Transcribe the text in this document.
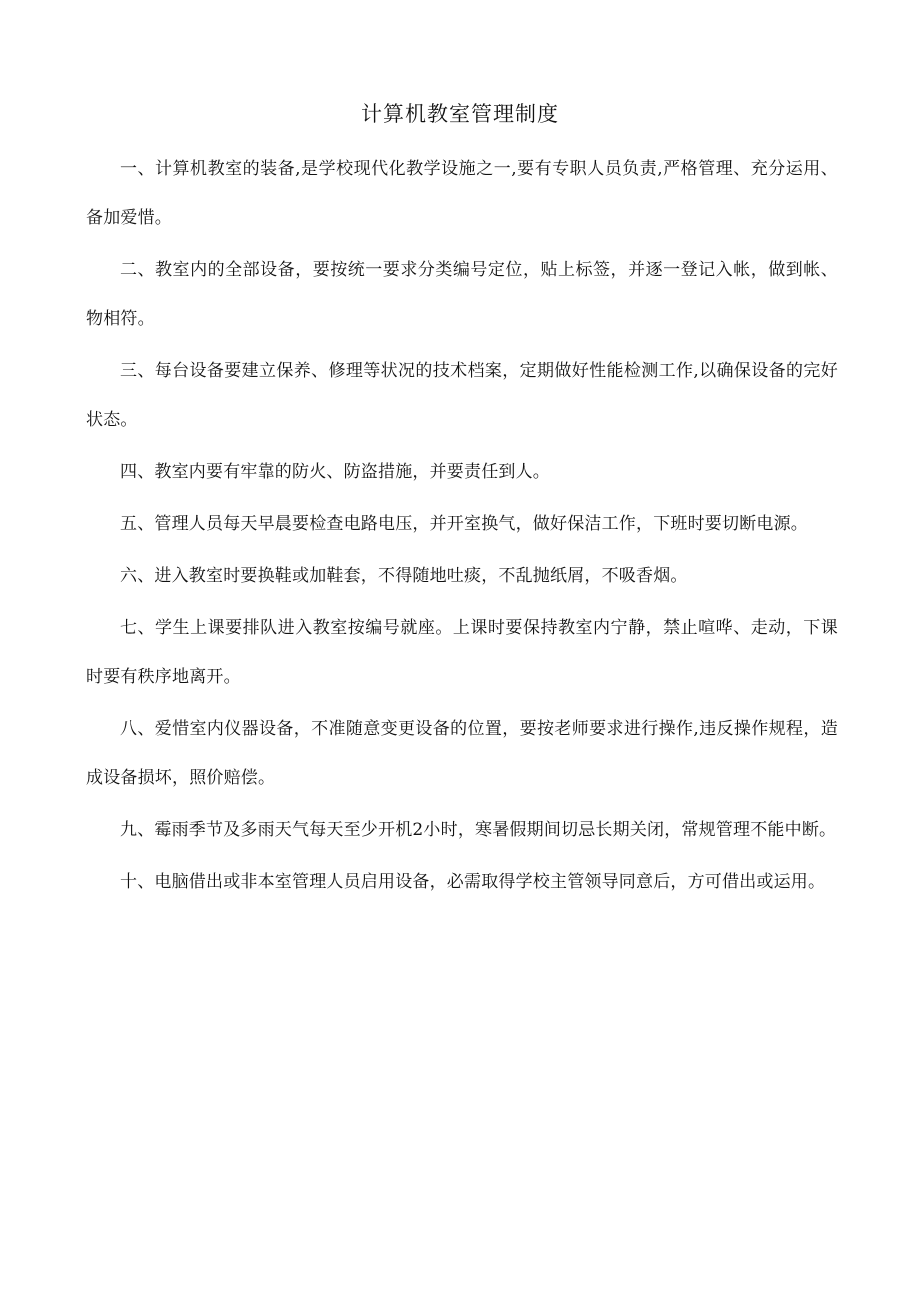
计算机教室管理制度

一、计算机教室的装备,是学校现代化教学设施之一,要有专职人员负责,严格管理、充分运用、备加爱惜。

二、教室内的全部设备，要按统一要求分类编号定位，贴上标签，并逐一登记入帐，做到帐、物相符。

三、每台设备要建立保养、修理等状况的技术档案，定期做好性能检测工作,以确保设备的完好状态。

四、教室内要有牢靠的防火、防盗措施，并要责任到人。

五、管理人员每天早晨要检查电路电压，并开室换气，做好保洁工作，下班时要切断电源。

六、进入教室时要换鞋或加鞋套，不得随地吐痰，不乱抛纸屑，不吸香烟。

七、学生上课要排队进入教室按编号就座。上课时要保持教室内宁静，禁止喧哗、走动，下课时要有秩序地离开。

八、爱惜室内仪器设备，不准随意变更设备的位置，要按老师要求进行操作,违反操作规程，造成设备损坏，照价赔偿。

九、霉雨季节及多雨天气每天至少开机2小时，寒暑假期间切忌长期关闭，常规管理不能中断。

十、电脑借出或非本室管理人员启用设备，必需取得学校主管领导同意后，方可借出或运用。
